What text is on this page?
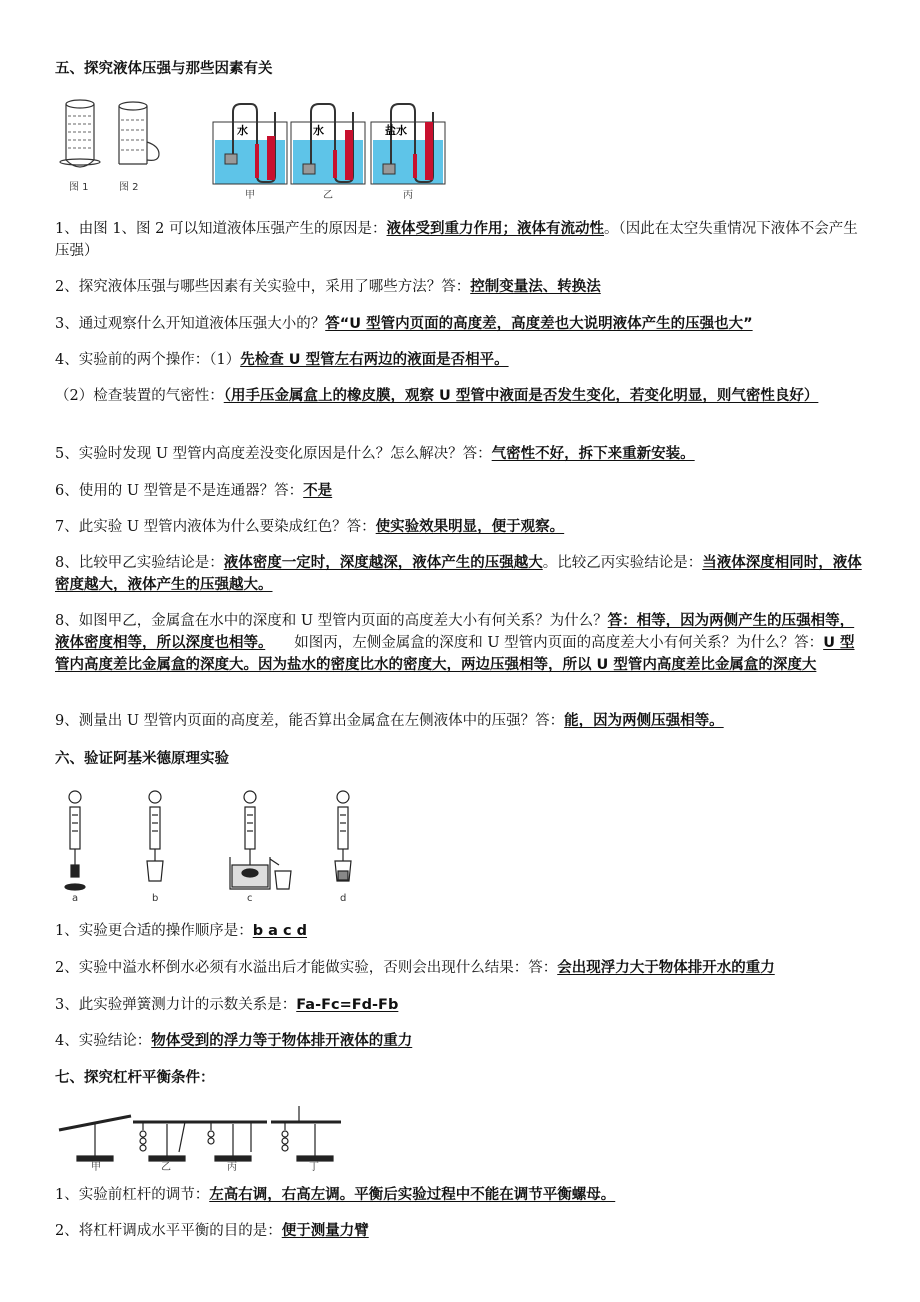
五、探究液体压强与那些因素有关
图 1	图 2
水	水	盐水
甲	乙	丙
1、由图 1、图 2 可以知道液体压强产生的原因是：液体受到重力作用；液体有流动性。（因此在太空失重情况下液体不会产生压强）
2、探究液体压强与哪些因素有关实验中，采用了哪些方法？答：控制变量法、转换法
3、通过观察什么开知道液体压强大小的？答“U 型管内页面的高度差，高度差也大说明液体产生的压强也大”
4、实验前的两个操作：（1）先检查 U 型管左右两边的液面是否相平。
（2）检查装置的气密性：（用手压金属盒上的橡皮膜，观察 U 型管中液面是否发生变化，若变化明显，则气密性良好）
5、实验时发现 U 型管内高度差没变化原因是什么？怎么解决？答：气密性不好，拆下来重新安装。
6、使用的 U 型管是不是连通器？答：不是
7、此实验 U 型管内液体为什么要染成红色？答：使实验效果明显，便于观察。
8、比较甲乙实验结论是：液体密度一定时，深度越深，液体产生的压强越大。比较乙丙实验结论是：当液体深度相同时，液体密度越大，液体产生的压强越大。
8、如图甲乙，金属盒在水中的深度和 U 型管内页面的高度差大小有何关系？为什么？答：相等，因为两侧产生的压强相等，液体密度相等，所以深度也相等。　　如图丙，左侧金属盒的深度和 U 型管内页面的高度差大小有何关系？为什么？答：U 型管内高度差比金属盒的深度大。因为盐水的密度比水的密度大，两边压强相等，所以 U 型管内高度差比金属盒的深度大
9、测量出 U 型管内页面的高度差，能否算出金属盒在左侧液体中的压强？答：能，因为两侧压强相等。
六、验证阿基米德原理实验
a	b	c	d
1、实验更合适的操作顺序是：b a c d
2、实验中溢水杯倒水必须有水溢出后才能做实验，否则会出现什么结果：答：会出现浮力大于物体排开水的重力
3、此实验弹簧测力计的示数关系是：Fa-Fc=Fd-Fb
4、实验结论：物体受到的浮力等于物体排开液体的重力
七、探究杠杆平衡条件：
甲	乙	丙	丁
1、实验前杠杆的调节：左高右调，右高左调。平衡后实验过程中不能在调节平衡螺母。
2、将杠杆调成水平平衡的目的是：便于测量力臂
